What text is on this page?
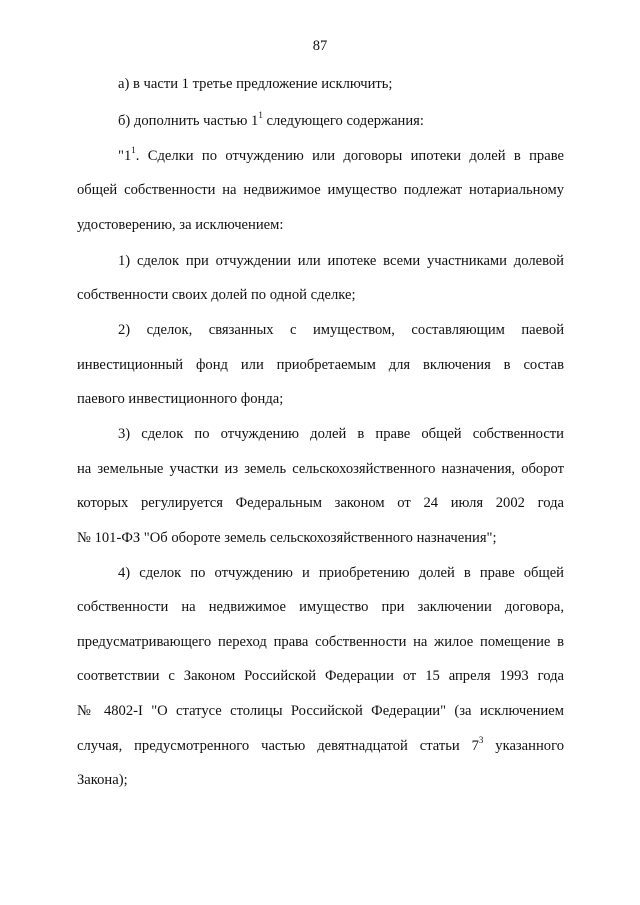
87
а) в части 1 третье предложение исключить;
б) дополнить частью $1^1$ следующего содержания:
"$1^1$. Сделки по отчуждению или договоры ипотеки долей в праве
общей собственности на недвижимое имущество подлежат нотариальному
удостоверению, за исключением:
1) сделок при отчуждении или ипотеке всеми участниками долевой
собственности своих долей по одной сделке;
2) сделок, связанных с имуществом, составляющим паевой
инвестиционный фонд или приобретаемым для включения в состав
паевого инвестиционного фонда;
3) сделок по отчуждению долей в праве общей собственности
на земельные участки из земель сельскохозяйственного назначения, оборот
которых регулируется Федеральным законом от 24 июля 2002 года
№ 101-ФЗ "Об обороте земель сельскохозяйственного назначения";
4) сделок по отчуждению и приобретению долей в праве общей
собственности на недвижимое имущество при заключении договора,
предусматривающего переход права собственности на жилое помещение в
соответствии с Законом Российской Федерации от 15 апреля 1993 года
№ 4802-I "О статусе столицы Российской Федерации" (за исключением
случая, предусмотренного частью девятнадцатой статьи $7^3$ указанного
Закона);
